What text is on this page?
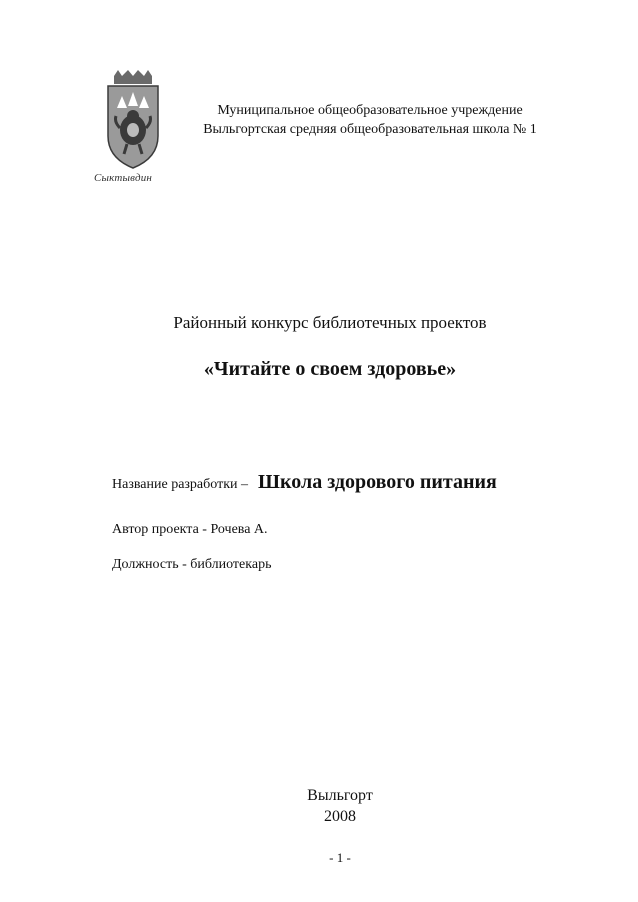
Сыктывдин
Муниципальное общеобразовательное учреждение
Выльгортская средняя общеобразовательная школа № 1
Районный конкурс библиотечных проектов
«Читайте о своем здоровье»
Название разработки – Школа здорового питания
Автор проекта - Рочева А.
Должность - библиотекарь
Выльгорт
2008
- 1 -
